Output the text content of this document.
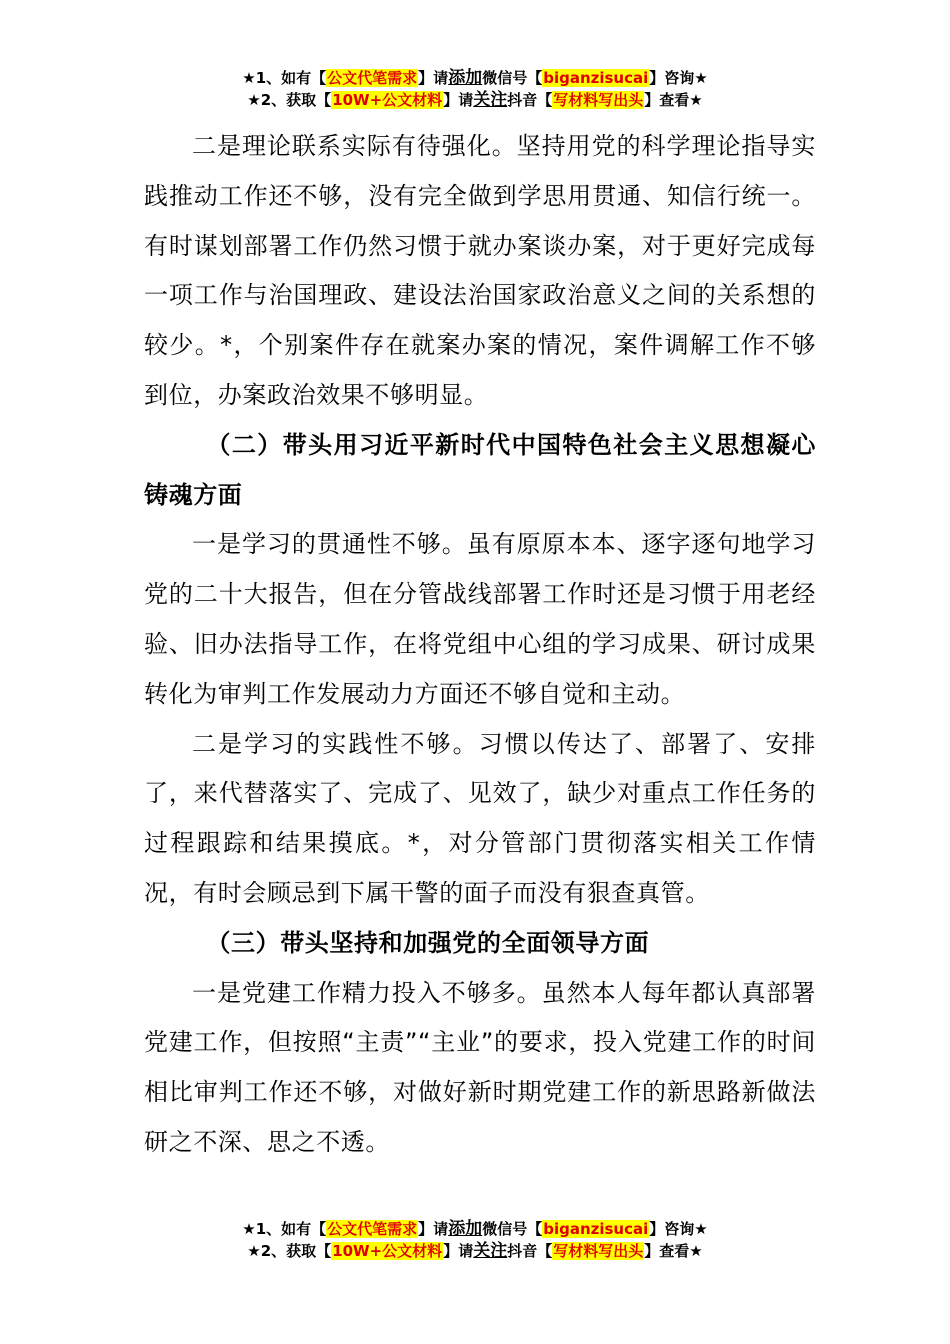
★1、如有【公文代笔需求】请添加微信号【biganzisucai】咨询★
★2、获取【10W+公文材料】请关注抖音【写材料写出头】查看★

二是理论联系实际有待强化。坚持用党的科学理论指导实践推动工作还不够，没有完全做到学思用贯通、知信行统一。有时谋划部署工作仍然习惯于就办案谈办案，对于更好完成每一项工作与治国理政、建设法治国家政治意义之间的关系想的较少。*，个别案件存在就案办案的情况，案件调解工作不够到位，办案政治效果不够明显。

（二）带头用习近平新时代中国特色社会主义思想凝心铸魂方面

一是学习的贯通性不够。虽有原原本本、逐字逐句地学习党的二十大报告，但在分管战线部署工作时还是习惯于用老经验、旧办法指导工作，在将党组中心组的学习成果、研讨成果转化为审判工作发展动力方面还不够自觉和主动。

二是学习的实践性不够。习惯以传达了、部署了、安排了，来代替落实了、完成了、见效了，缺少对重点工作任务的过程跟踪和结果摸底。*，对分管部门贯彻落实相关工作情况，有时会顾忌到下属干警的面子而没有狠查真管。

（三）带头坚持和加强党的全面领导方面

一是党建工作精力投入不够多。虽然本人每年都认真部署党建工作，但按照“主责”“主业”的要求，投入党建工作的时间相比审判工作还不够，对做好新时期党建工作的新思路新做法研之不深、思之不透。

★1、如有【公文代笔需求】请添加微信号【biganzisucai】咨询★
★2、获取【10W+公文材料】请关注抖音【写材料写出头】查看★
